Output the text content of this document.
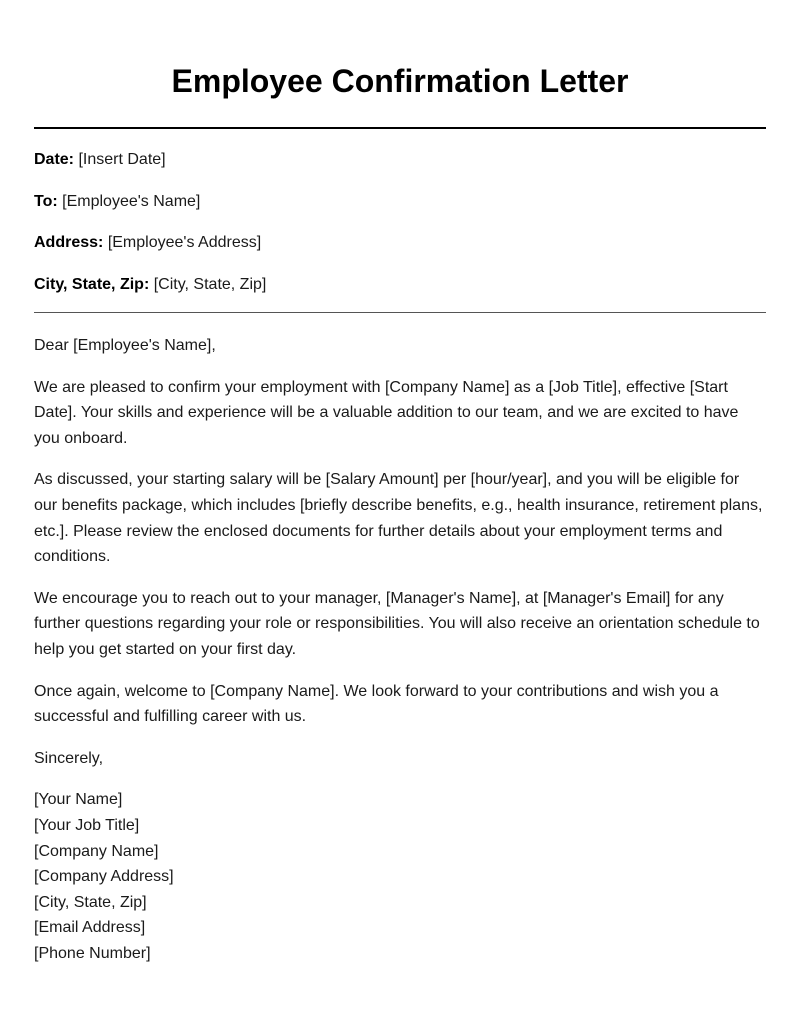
Employee Confirmation Letter
Date: [Insert Date]
To: [Employee's Name]
Address: [Employee's Address]
City, State, Zip: [City, State, Zip]

Dear [Employee's Name],

We are pleased to confirm your employment with [Company Name] as a [Job Title], effective [Start Date]. Your skills and experience will be a valuable addition to our team, and we are excited to have you onboard.

As discussed, your starting salary will be [Salary Amount] per [hour/year], and you will be eligible for our benefits package, which includes [briefly describe benefits, e.g., health insurance, retirement plans, etc.]. Please review the enclosed documents for further details about your employment terms and conditions.

We encourage you to reach out to your manager, [Manager's Name], at [Manager's Email] for any further questions regarding your role or responsibilities. You will also receive an orientation schedule to help you get started on your first day.

Once again, welcome to [Company Name]. We look forward to your contributions and wish you a successful and fulfilling career with us.

Sincerely,

[Your Name]
[Your Job Title]
[Company Name]
[Company Address]
[City, State, Zip]
[Email Address]
[Phone Number]
